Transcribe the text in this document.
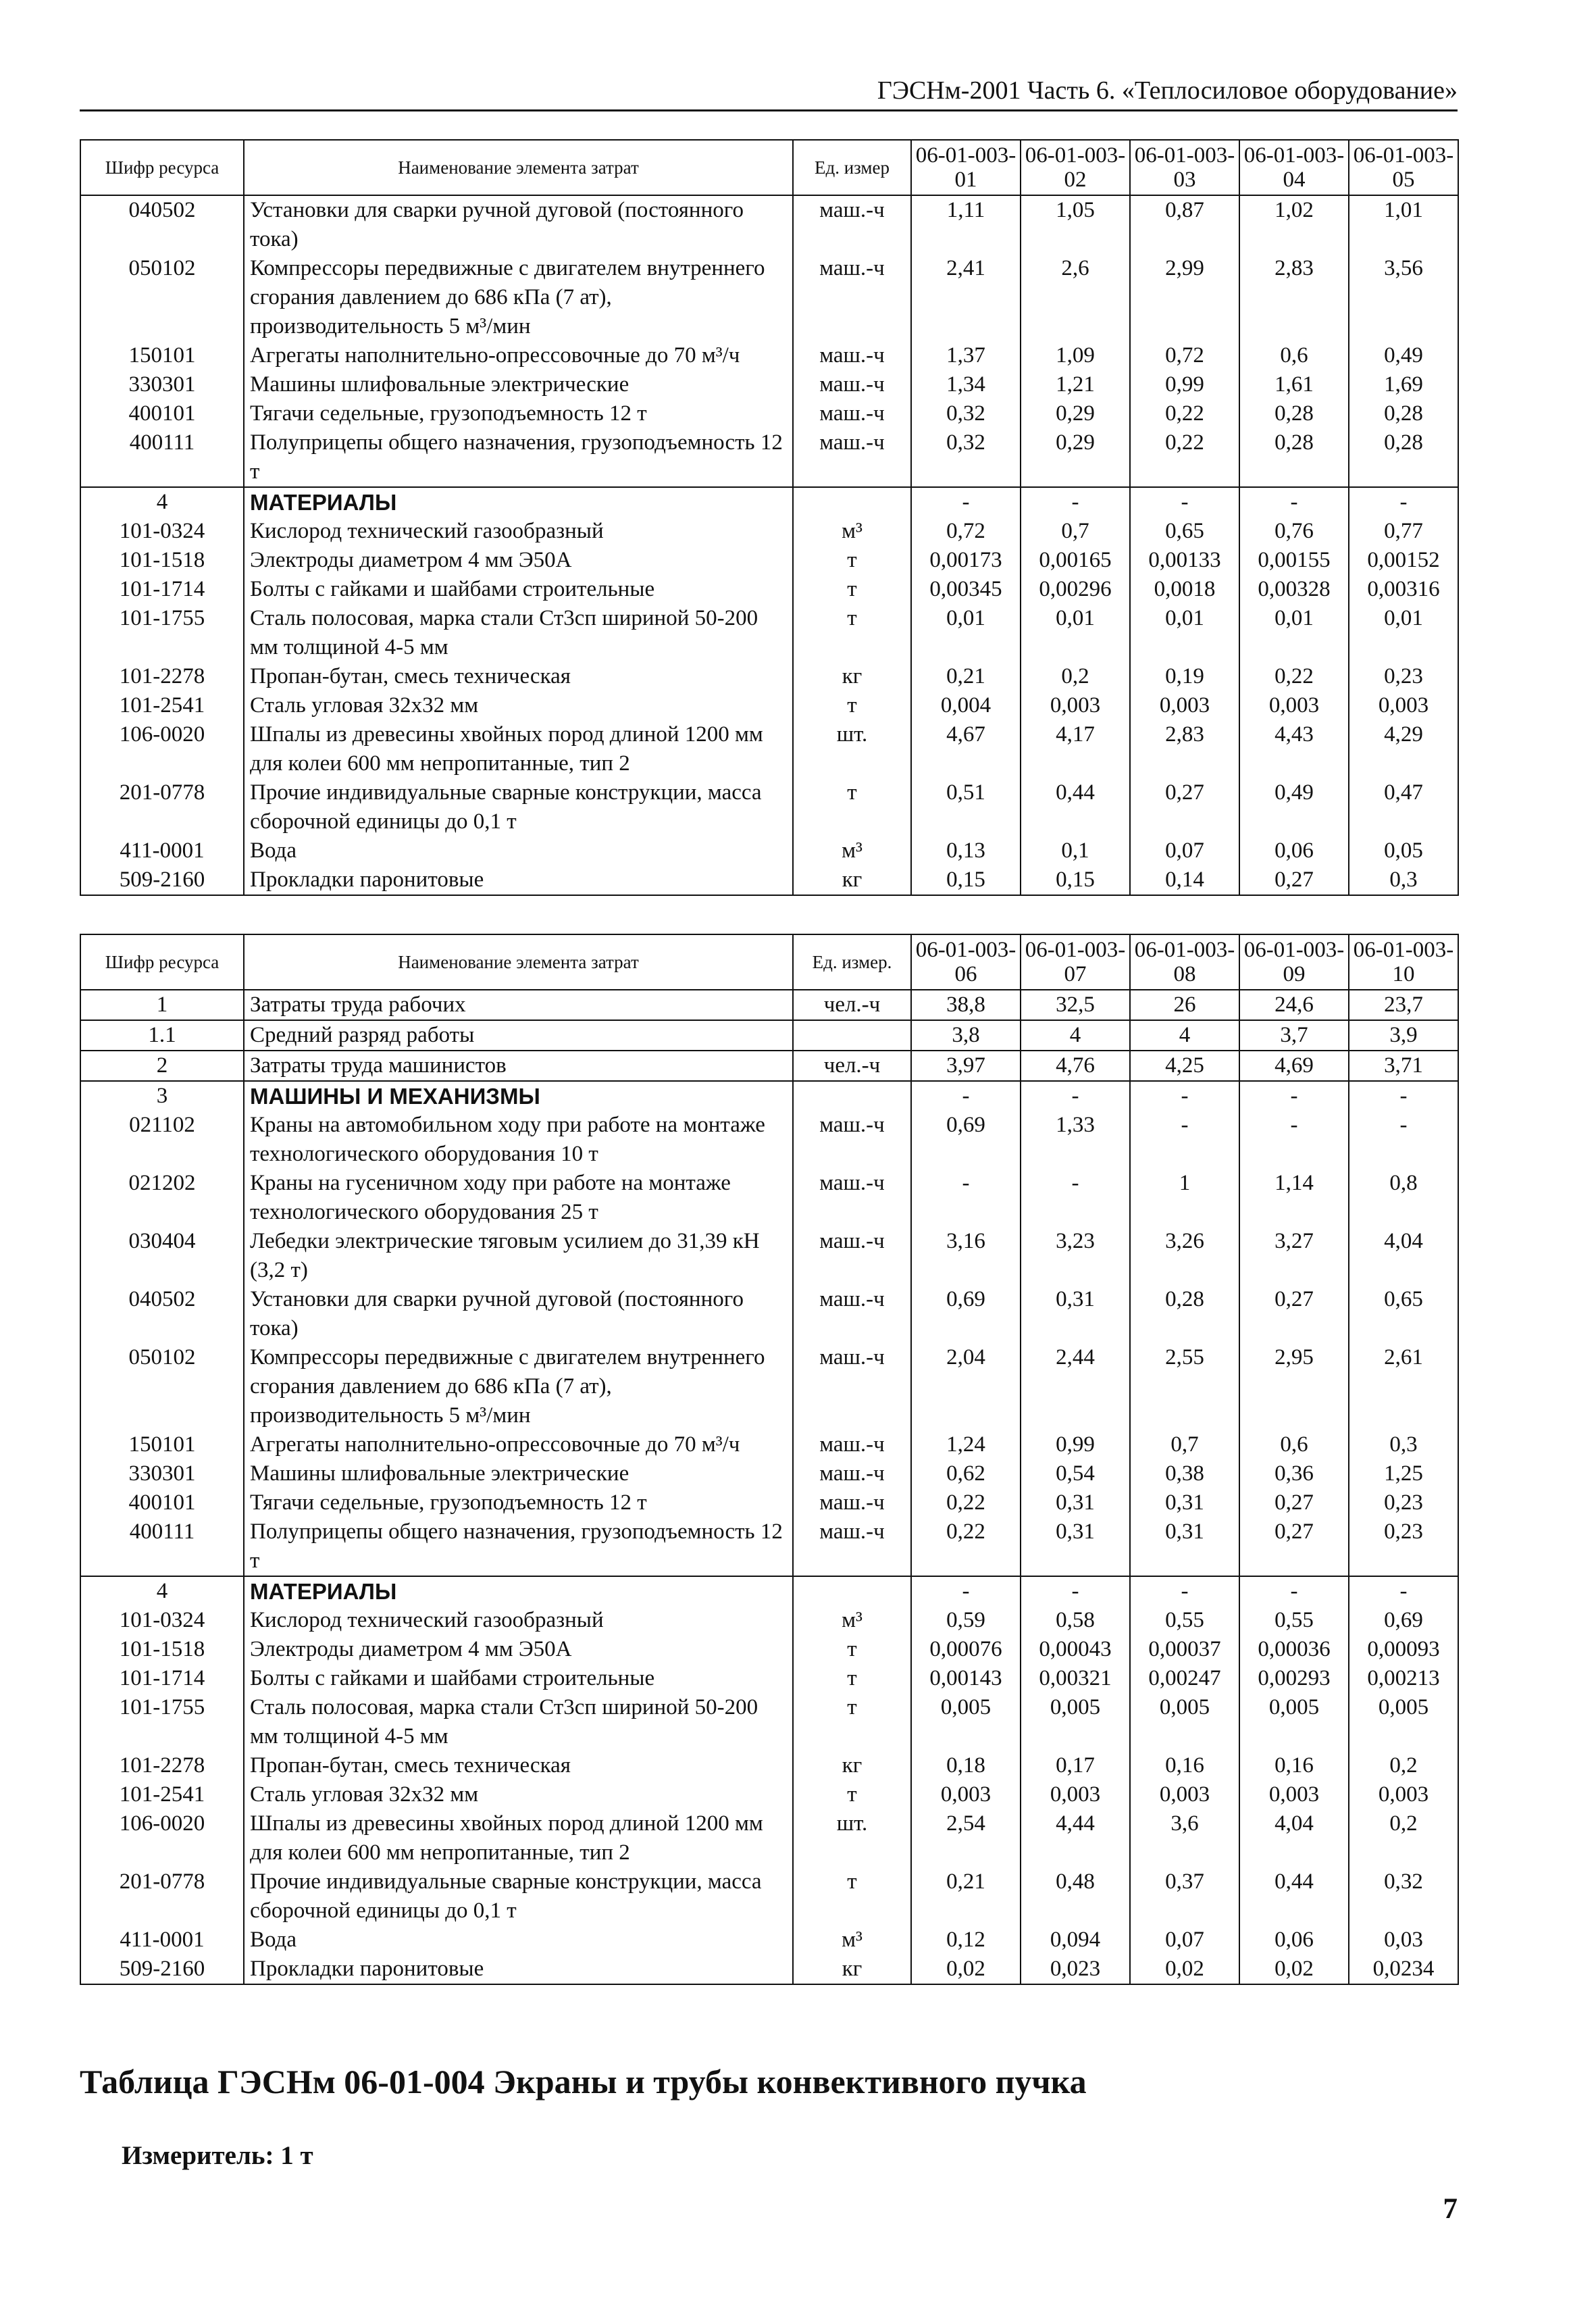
ГЭСНм-2001 Часть 6. «Теплосиловое оборудование»
Шифр ресурса	Наименование элемента затрат	Ед. измер	06-01-003-01	06-01-003-02	06-01-003-03	06-01-003-04	06-01-003-05
040502	Установки для сварки ручной дуговой (постоянного тока)	маш.-ч	1,11	1,05	0,87	1,02	1,01
050102	Компрессоры передвижные с двигателем внутреннего сгорания давлением до 686 кПа (7 ат), производительность 5 м³/мин	маш.-ч	2,41	2,6	2,99	2,83	3,56
150101	Агрегаты наполнительно-опрессовочные до 70 м³/ч	маш.-ч	1,37	1,09	0,72	0,6	0,49
330301	Машины шлифовальные электрические	маш.-ч	1,34	1,21	0,99	1,61	1,69
400101	Тягачи седельные, грузоподъемность 12 т	маш.-ч	0,32	0,29	0,22	0,28	0,28
400111	Полуприцепы общего назначения, грузоподъемность 12 т	маш.-ч	0,32	0,29	0,22	0,28	0,28
4	МАТЕРИАЛЫ		-	-	-	-	-
101-0324	Кислород технический газообразный	м³	0,72	0,7	0,65	0,76	0,77
101-1518	Электроды диаметром 4 мм Э50А	т	0,00173	0,00165	0,00133	0,00155	0,00152
101-1714	Болты с гайками и шайбами строительные	т	0,00345	0,00296	0,0018	0,00328	0,00316
101-1755	Сталь полосовая, марка стали Ст3сп шириной 50-200 мм толщиной 4-5 мм	т	0,01	0,01	0,01	0,01	0,01
101-2278	Пропан-бутан, смесь техническая	кг	0,21	0,2	0,19	0,22	0,23
101-2541	Сталь угловая 32х32 мм	т	0,004	0,003	0,003	0,003	0,003
106-0020	Шпалы из древесины хвойных пород длиной 1200 мм для колеи 600 мм непропитанные, тип 2	шт.	4,67	4,17	2,83	4,43	4,29
201-0778	Прочие индивидуальные сварные конструкции, масса сборочной единицы до 0,1 т	т	0,51	0,44	0,27	0,49	0,47
411-0001	Вода	м³	0,13	0,1	0,07	0,06	0,05
509-2160	Прокладки паронитовые	кг	0,15	0,15	0,14	0,27	0,3
Шифр ресурса	Наименование элемента затрат	Ед. измер.	06-01-003-06	06-01-003-07	06-01-003-08	06-01-003-09	06-01-003-10
1	Затраты труда рабочих	чел.-ч	38,8	32,5	26	24,6	23,7
1.1	Средний разряд работы		3,8	4	4	3,7	3,9
2	Затраты труда машинистов	чел.-ч	3,97	4,76	4,25	4,69	3,71
3	МАШИНЫ И МЕХАНИЗМЫ		-	-	-	-	-
021102	Краны на автомобильном ходу при работе на монтаже технологического оборудования 10 т	маш.-ч	0,69	1,33	-	-	-
021202	Краны на гусеничном ходу при работе на монтаже технологического оборудования 25 т	маш.-ч	-	-	1	1,14	0,8
030404	Лебедки электрические тяговым усилием до 31,39 кН (3,2 т)	маш.-ч	3,16	3,23	3,26	3,27	4,04
040502	Установки для сварки ручной дуговой (постоянного тока)	маш.-ч	0,69	0,31	0,28	0,27	0,65
050102	Компрессоры передвижные с двигателем внутреннего сгорания давлением до 686 кПа (7 ат), производительность 5 м³/мин	маш.-ч	2,04	2,44	2,55	2,95	2,61
150101	Агрегаты наполнительно-опрессовочные до 70 м³/ч	маш.-ч	1,24	0,99	0,7	0,6	0,3
330301	Машины шлифовальные электрические	маш.-ч	0,62	0,54	0,38	0,36	1,25
400101	Тягачи седельные, грузоподъемность 12 т	маш.-ч	0,22	0,31	0,31	0,27	0,23
400111	Полуприцепы общего назначения, грузоподъемность 12 т	маш.-ч	0,22	0,31	0,31	0,27	0,23
4	МАТЕРИАЛЫ		-	-	-	-	-
101-0324	Кислород технический газообразный	м³	0,59	0,58	0,55	0,55	0,69
101-1518	Электроды диаметром 4 мм Э50А	т	0,00076	0,00043	0,00037	0,00036	0,00093
101-1714	Болты с гайками и шайбами строительные	т	0,00143	0,00321	0,00247	0,00293	0,00213
101-1755	Сталь полосовая, марка стали Ст3сп шириной 50-200 мм толщиной 4-5 мм	т	0,005	0,005	0,005	0,005	0,005
101-2278	Пропан-бутан, смесь техническая	кг	0,18	0,17	0,16	0,16	0,2
101-2541	Сталь угловая 32х32 мм	т	0,003	0,003	0,003	0,003	0,003
106-0020	Шпалы из древесины хвойных пород длиной 1200 мм для колеи 600 мм непропитанные, тип 2	шт.	2,54	4,44	3,6	4,04	0,2
201-0778	Прочие индивидуальные сварные конструкции, масса сборочной единицы до 0,1 т	т	0,21	0,48	0,37	0,44	0,32
411-0001	Вода	м³	0,12	0,094	0,07	0,06	0,03
509-2160	Прокладки паронитовые	кг	0,02	0,023	0,02	0,02	0,0234
Таблица ГЭСНм 06-01-004 Экраны и трубы конвективного пучка
Измеритель: 1 т
7
